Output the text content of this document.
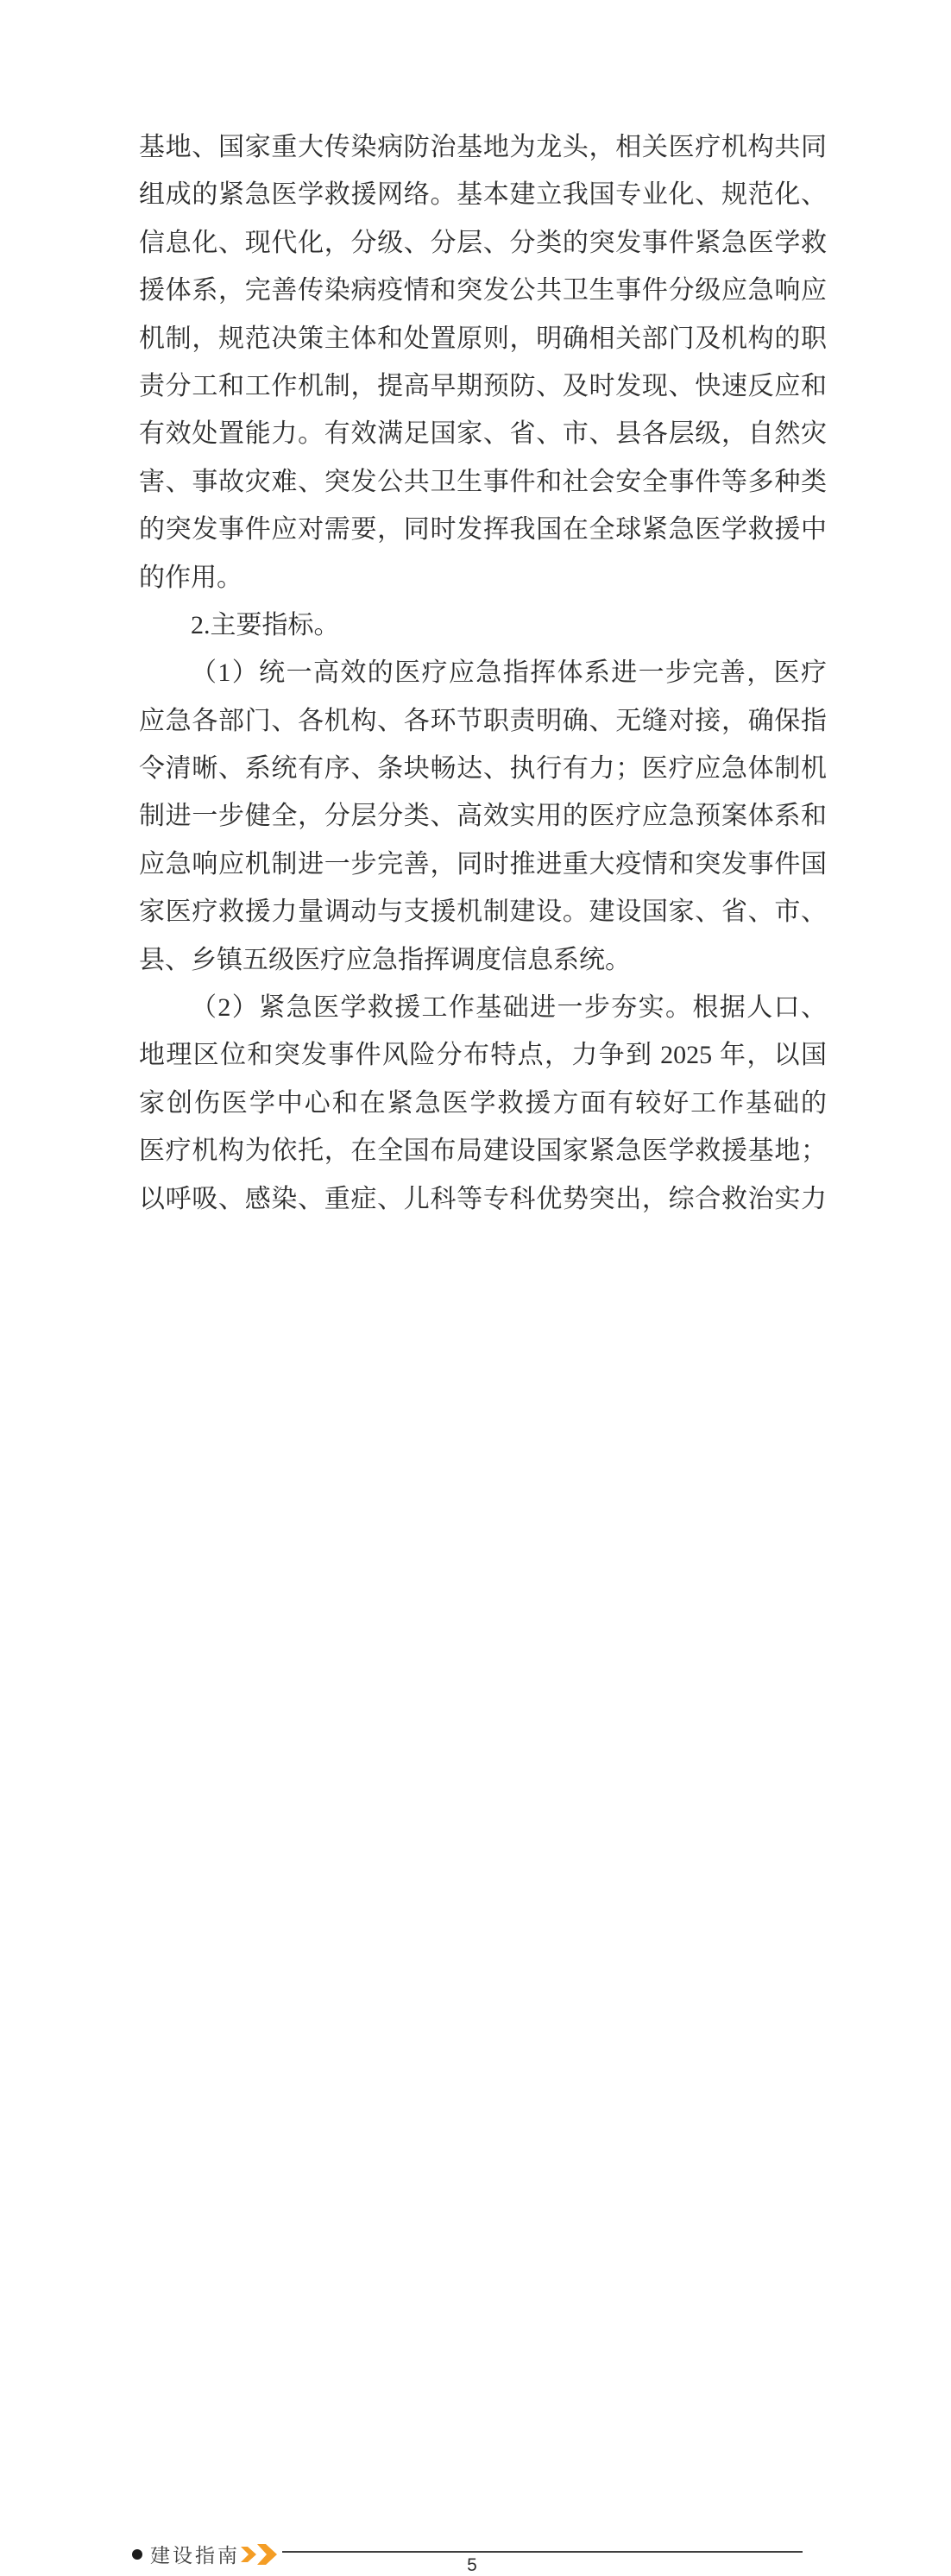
基地、国家重大传染病防治基地为龙头，相关医疗机构共同
组成的紧急医学救援网络。基本建立我国专业化、规范化、
信息化、现代化，分级、分层、分类的突发事件紧急医学救
援体系，完善传染病疫情和突发公共卫生事件分级应急响应
机制，规范决策主体和处置原则，明确相关部门及机构的职
责分工和工作机制，提高早期预防、及时发现、快速反应和
有效处置能力。有效满足国家、省、市、县各层级，自然灾
害、事故灾难、突发公共卫生事件和社会安全事件等多种类
的突发事件应对需要，同时发挥我国在全球紧急医学救援中
的作用。
2.主要指标。
（1）统一高效的医疗应急指挥体系进一步完善，医疗
应急各部门、各机构、各环节职责明确、无缝对接，确保指
令清晰、系统有序、条块畅达、执行有力；医疗应急体制机
制进一步健全，分层分类、高效实用的医疗应急预案体系和
应急响应机制进一步完善，同时推进重大疫情和突发事件国
家医疗救援力量调动与支援机制建设。建设国家、省、市、
县、乡镇五级医疗应急指挥调度信息系统。
（2）紧急医学救援工作基础进一步夯实。根据人口、
地理区位和突发事件风险分布特点，力争到 2025 年，以国
家创伤医学中心和在紧急医学救援方面有较好工作基础的
医疗机构为依托，在全国布局建设国家紧急医学救援基地；
以呼吸、感染、重症、儿科等专科优势突出，综合救治实力
建设指南	5
